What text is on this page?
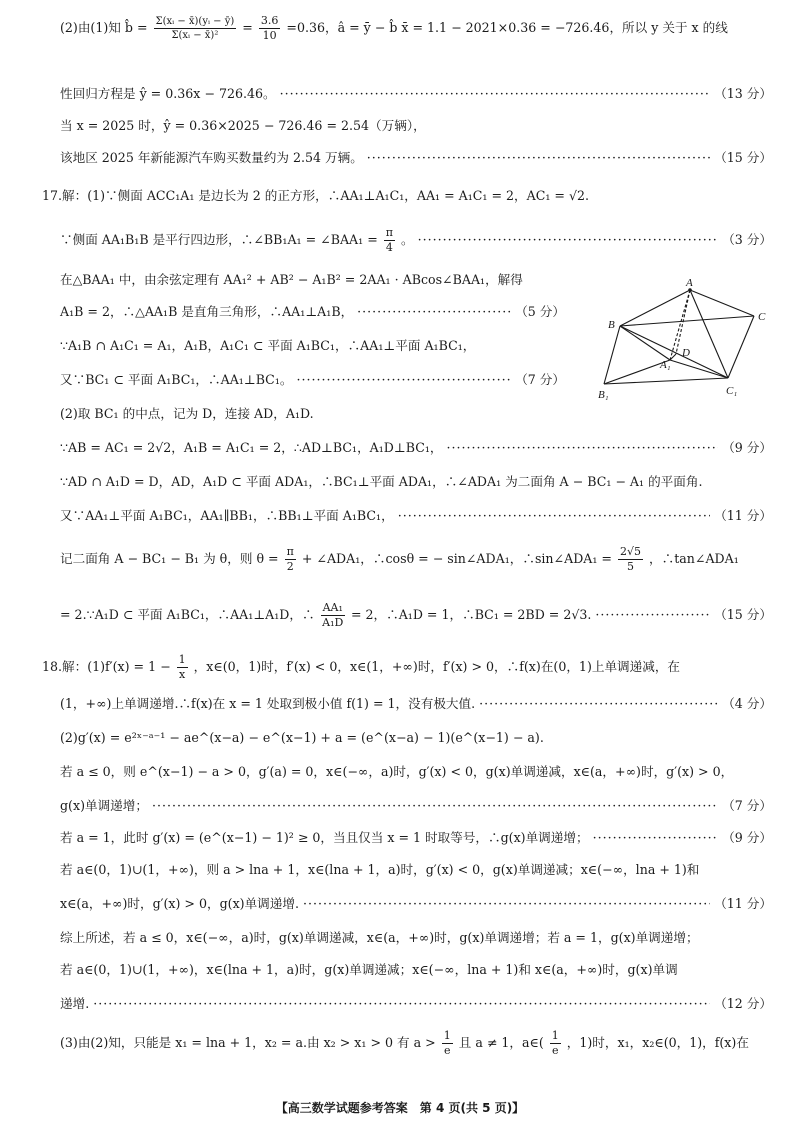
(2)由(1)知 b̂ = $\frac{\text{Σ(xᵢ − x̄)(yᵢ − ȳ)}}{\text{Σ(xᵢ − x̄)²}} = \frac{3.6}{10} =0.36$，â = ȳ − b̂ x̄ = 1.1 − 2021×0.36 = −726.46，所以 y 关于 x 的线
性回归方程是 ŷ = 0.36x − 726.46。 ·····	（13 分）
当 x = 2025 时，ŷ = 0.36×2025 − 726.46 = 2.54（万辆），
该地区 2025 年新能源汽车购买数量约为 2.54 万辆。 ·····	（15 分）
17.解：(1)∵侧面 ACC₁A₁ 是边长为 2 的正方形，∴AA₁⊥A₁C₁，AA₁ = A₁C₁ = 2，AC₁ = √2.
∵侧面 AA₁B₁B 是平行四边形，∴∠BB₁A₁ = ∠BAA₁ = $\frac{\pi}{4}$ 。 ·····	（3 分）
在△BAA₁ 中，由余弦定理有 AA₁² + AB² − A₁B² = 2AA₁ · ABcos∠BAA₁，解得
A₁B = 2，∴△AA₁B 是直角三角形，∴AA₁⊥A₁B， ·····	（5 分）
∵A₁B ∩ A₁C₁ = A₁，A₁B，A₁C₁ ⊂ 平面 A₁BC₁，∴AA₁⊥平面 A₁BC₁，
又∵BC₁ ⊂ 平面 A₁BC₁，∴AA₁⊥BC₁。 ·····	（7 分）
(2)取 BC₁ 的中点，记为 D，连接 AD，A₁D.
∵AB = AC₁ = 2√2，A₁B = A₁C₁ = 2，∴AD⊥BC₁，A₁D⊥BC₁， ·····	（9 分）
∵AD ∩ A₁D = D，AD，A₁D ⊂ 平面 ADA₁，∴BC₁⊥平面 ADA₁，∴∠ADA₁ 为二面角 A − BC₁ − A₁ 的平面角.
又∵AA₁⊥平面 A₁BC₁，AA₁∥BB₁，∴BB₁⊥平面 A₁BC₁， ·····	（11 分）
记二面角 A − BC₁ − B₁ 为 θ，则 $\theta = \frac{\pi}{2}$ + ∠ADA₁，∴cosθ = − sin∠ADA₁，∴sin∠ADA₁ = $\frac{2√5}{5}$ ，∴tan∠ADA₁
= 2.∵A₁D ⊂ 平面 A₁BC₁，∴AA₁⊥A₁D，∴ $\frac{\text{AA₁}}{\text{A₁D}} = 2$，∴A₁D = 1，∴BC₁ = 2BD = 2√3. ·····	（15 分）
18.解：$(1)f'(x) = 1 - \frac{1}{x}$ ，x∈(0，1)时，f′(x) < 0，x∈(1，+∞)时，f′(x) > 0，∴f(x)在(0，1)上单调递减，在
(1，+∞)上单调递增.∴f(x)在 x = 1 处取到极小值 f(1) = 1，没有极大值. ·····	（4 分）
(2)g′(x) = e²ˣ⁻ᵃ⁻¹ − ae^(x−a) − e^(x−1) + a = (e^(x−a) − 1)(e^(x−1) − a).
若 a ≤ 0，则 e^(x−1) − a > 0，g′(a) = 0，x∈(−∞，a)时，g′(x) < 0，g(x)单调递减，x∈(a，+∞)时，g′(x) > 0，
g(x)单调递增； ·····	（7 分）
若 a = 1，此时 g′(x) = (e^(x−1) − 1)² ≥ 0，当且仅当 x = 1 时取等号，∴g(x)单调递增； ·····	（9 分）
若 a∈(0，1)∪(1，+∞)，则 a > lna + 1，x∈(lna + 1，a)时，g′(x) < 0，g(x)单调递减；x∈(−∞，lna + 1)和
x∈(a，+∞)时，g′(x) > 0，g(x)单调递增. ·····	（11 分）
综上所述，若 a ≤ 0，x∈(−∞，a)时，g(x)单调递减，x∈(a，+∞)时，g(x)单调递增；若 a = 1，g(x)单调递增；
若 a∈(0，1)∪(1，+∞)，x∈(lna + 1，a)时，g(x)单调递减；x∈(−∞，lna + 1)和 x∈(a，+∞)时，g(x)单调
递增. ·····	（12 分）
(3)由(2)知，只能是 x₁ = lna + 1，x₂ = a.由 x₂ > x₁ > 0 有 $a > \frac{1}{e}$ 且 a ≠ 1，a∈( $\frac{1}{e}$ ，1)时，x₁，x₂∈(0，1)，f(x)在
A
B
C
D
A₁
B₁	C₁
【高三数学试题参考答案　第 4 页(共 5 页)】
